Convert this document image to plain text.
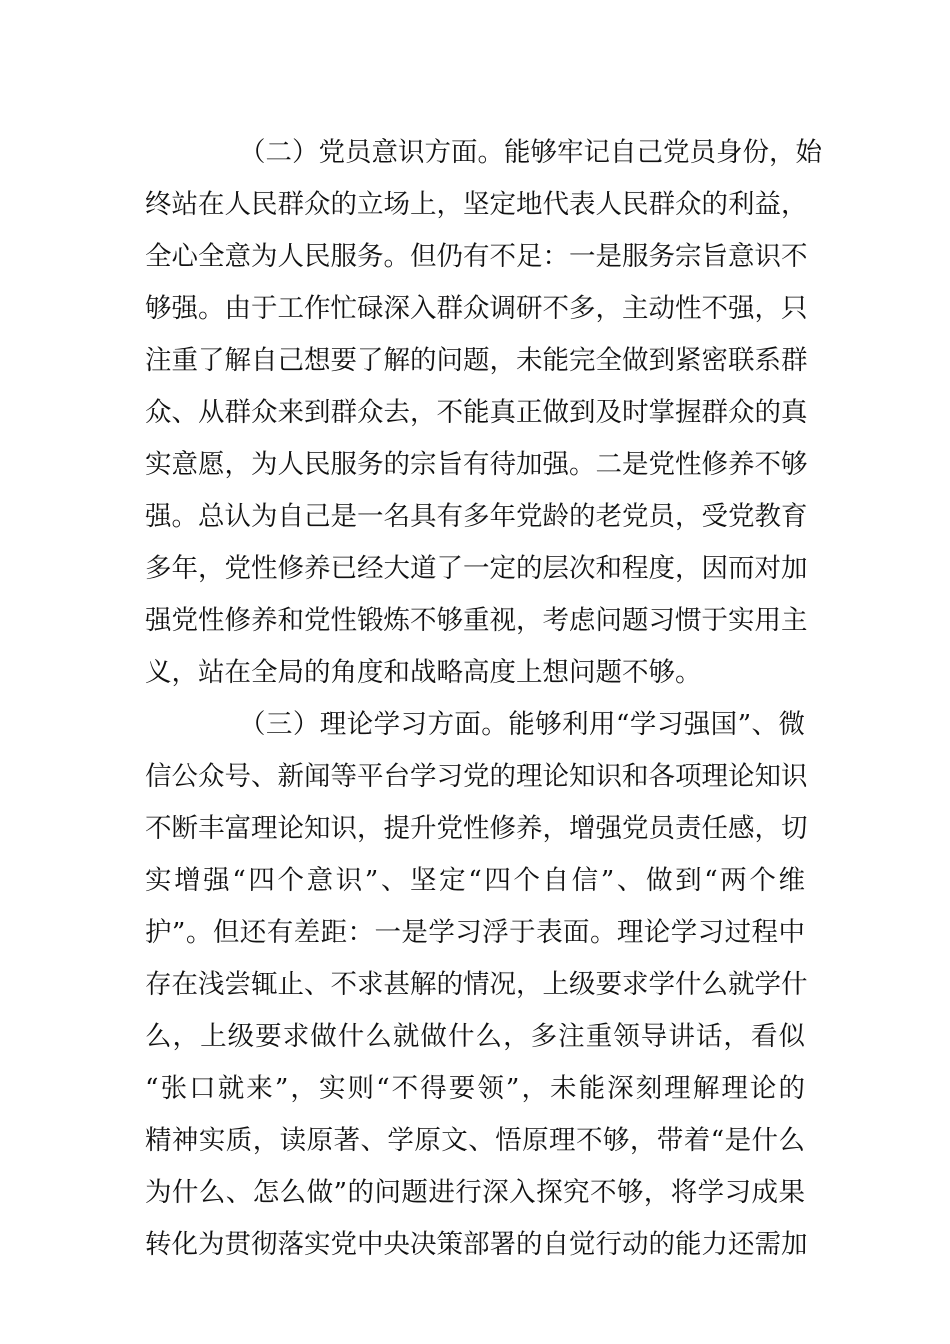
（二）党员意识方面。能够牢记自己党员身份，始
终站在人民群众的立场上，坚定地代表人民群众的利益，
全心全意为人民服务。但仍有不足：一是服务宗旨意识不
够强。由于工作忙碌深入群众调研不多，主动性不强，只
注重了解自己想要了解的问题，未能完全做到紧密联系群
众、从群众来到群众去，不能真正做到及时掌握群众的真
实意愿，为人民服务的宗旨有待加强。二是党性修养不够
强。总认为自己是一名具有多年党龄的老党员，受党教育
多年，党性修养已经大道了一定的层次和程度，因而对加
强党性修养和党性锻炼不够重视，考虑问题习惯于实用主
义，站在全局的角度和战略高度上想问题不够。
（三）理论学习方面。能够利用“学习强国”、微
信公众号、新闻等平台学习党的理论知识和各项理论知识
不断丰富理论知识，提升党性修养，增强党员责任感，切
实增强“四个意识”、坚定“四个自信”、做到“两个维
护”。但还有差距：一是学习浮于表面。理论学习过程中
存在浅尝辄止、不求甚解的情况，上级要求学什么就学什
么，上级要求做什么就做什么，多注重领导讲话，看似
“张口就来”，实则“不得要领”，未能深刻理解理论的
精神实质，读原著、学原文、悟原理不够，带着“是什么
为什么、怎么做”的问题进行深入探究不够，将学习成果
转化为贯彻落实党中央决策部署的自觉行动的能力还需加
